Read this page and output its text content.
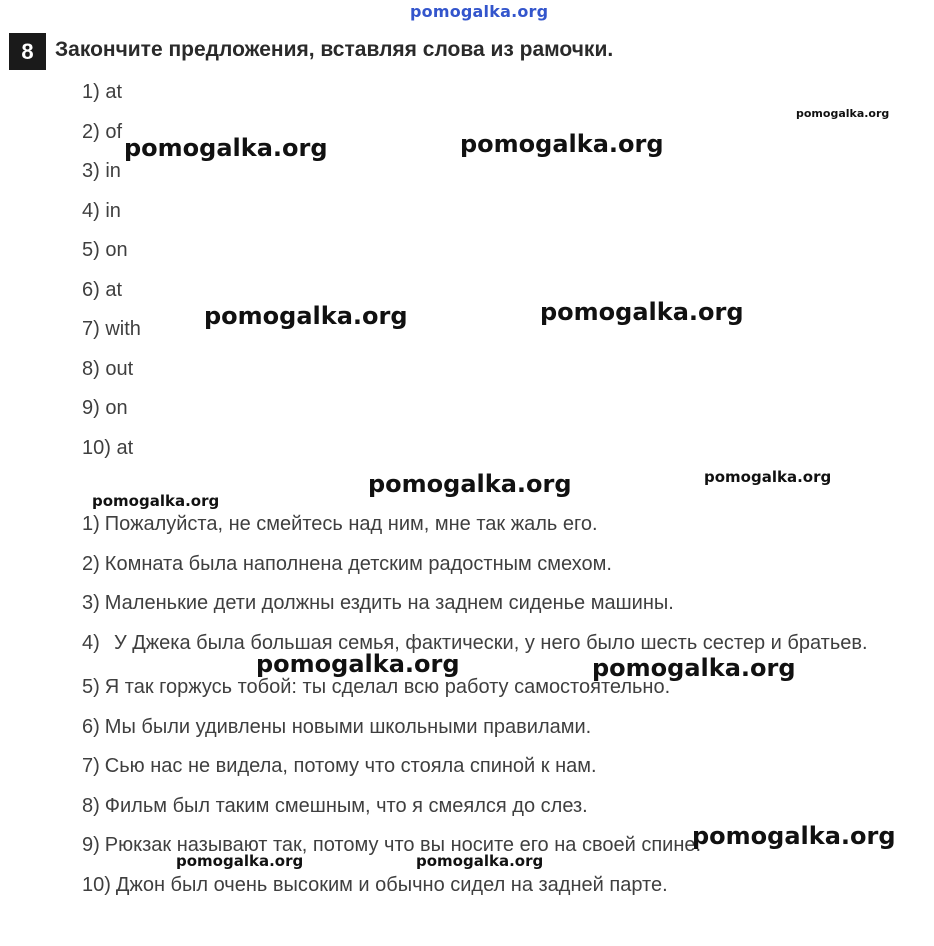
pomogalka.org
8	Закончите предложения, вставляя слова из рамочки.
1) at
2) of
3) in
4) in
5) on
6) at
7) with
8) out
9) on
10) at
1) Пожалуйста, не смейтесь над ним, мне так жаль его.
2) Комната была наполнена детским радостным смехом.
3) Маленькие дети должны ездить на заднем сиденье машины.
4) У Джека была большая семья, фактически, у него было шесть сестер и братьев.
5) Я так горжусь тобой: ты сделал всю работу самостоятельно.
6) Мы были удивлены новыми школьными правилами.
7) Сью нас не видела, потому что стояла спиной к нам.
8) Фильм был таким смешным, что я смеялся до слез.
9) Рюкзак называют так, потому что вы носите его на своей спине.
10) Джон был очень высоким и обычно сидел на задней парте.
pomogalka.org
pomogalka.org	pomogalka.org
pomogalka.org	pomogalka.org
pomogalka.org
pomogalka.org
pomogalka.org
pomogalka.org	pomogalka.org
pomogalka.org
pomogalka.org	pomogalka.org
